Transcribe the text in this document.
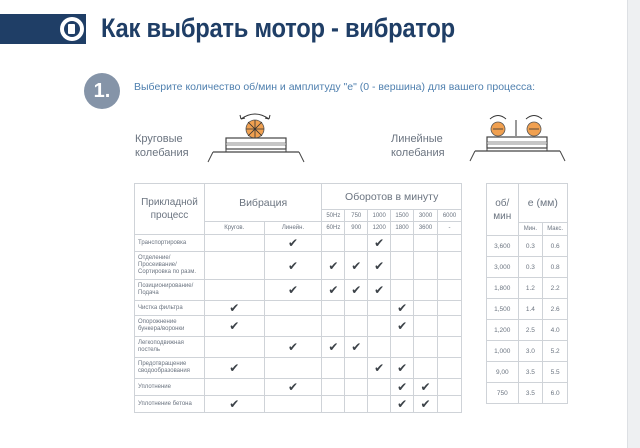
Как выбрать мотор - вибратор
1.	Выберите количество об/мин и амплитуду "е" (0 - вершина) для вашего процесса:
Круговые
колебания
Линейные
колебания
Прикладной
процесс	Вибрация		Оборотов в минуту					
			50Hz	750	1000	1500	3000	6000
	Кругов.	Линейн.	60Hz	900	1200	1800	3600	-

Транспортировка		✔			✔			

Отделение/
Просеивание/
Сортировка по разм.		✔	✔	✔	✔			

Позиционирование/
Подача		✔	✔	✔	✔			

Чистка фильтра	✔					✔		

Опорожнение
бункера/воронки	✔					✔		

Легкоподвижная
постель		✔	✔	✔				

Предотвращение
сводообразования	✔				✔	✔		

Уплотнение		✔				✔	✔	

Уплотнение бетона	✔					✔	✔	
об/
мин	e (мм)	
	Мин.	Макс.
3,600	0.3	0.6
3,000	0.3	0.8
1,800	1.2	2.2
1,500	1.4	2.6
1,200	2.5	4.0
1,000	3.0	5.2
9,00	3.5	5.5
750	3.5	6.0
